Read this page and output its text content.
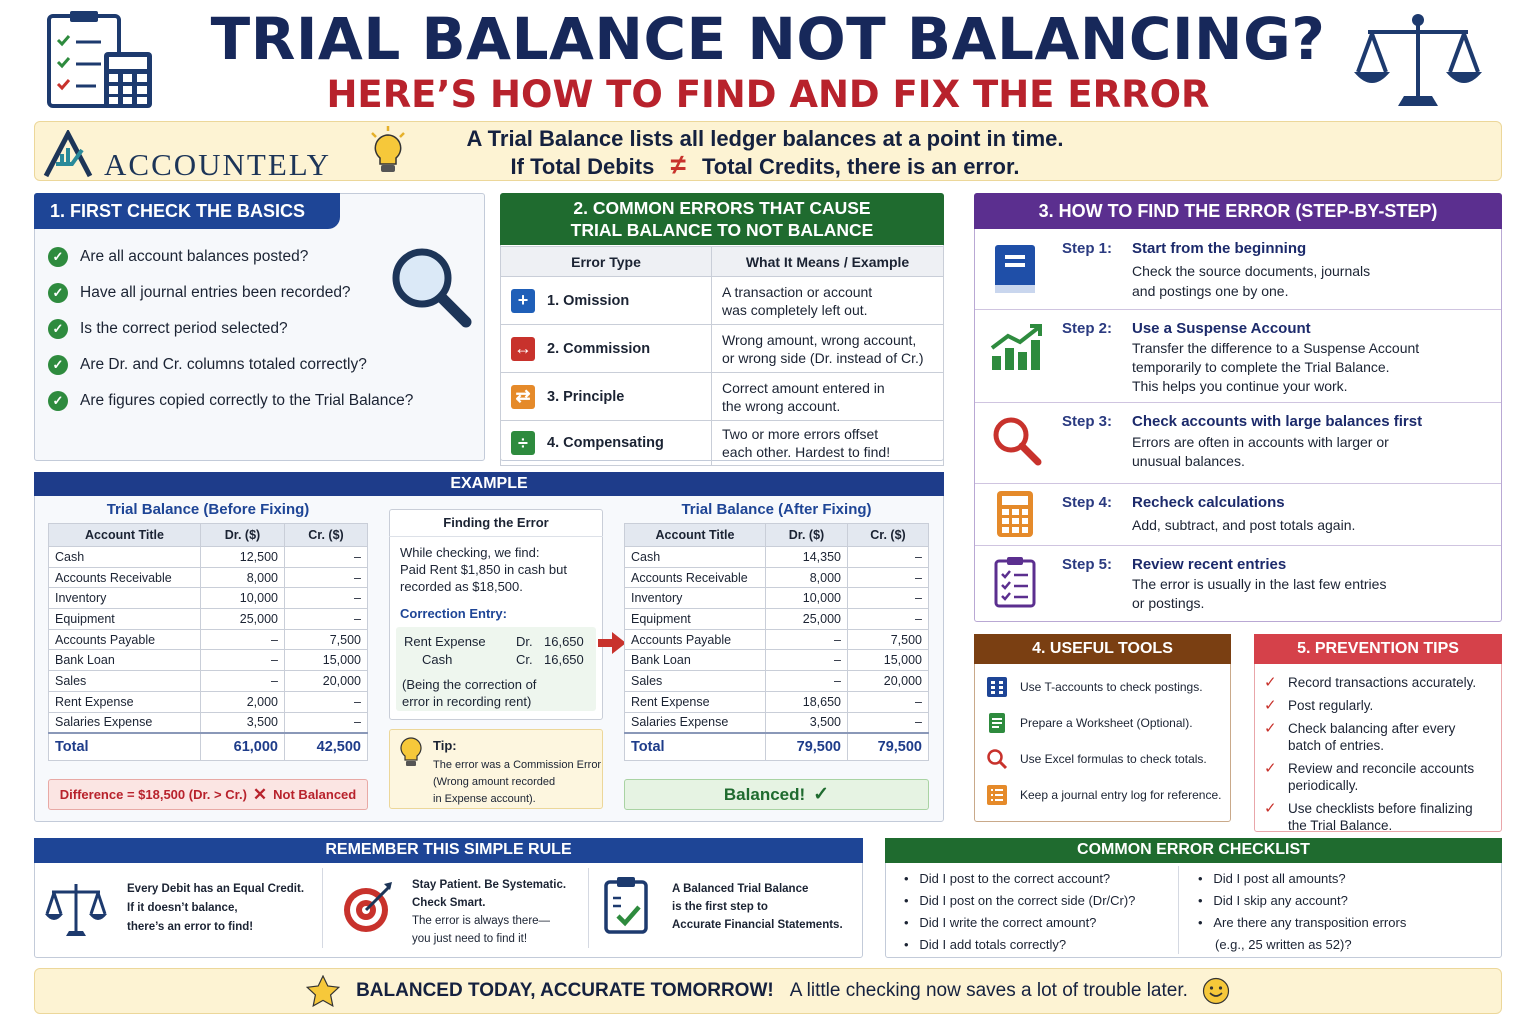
TRIAL BALANCE NOT BALANCING?
HERE’S HOW TO FIND AND FIX THE ERROR
ACCOUNTELY
A Trial Balance lists all ledger balances at a point in time.
If Total Debits ≠ Total Credits, there is an error.
1. FIRST CHECK THE BASICS
✓ Are all account balances posted?
✓ Have all journal entries been recorded?
✓ Is the correct period selected?
✓ Are Dr. and Cr. columns totaled correctly?
✓ Are figures copied correctly to the Trial Balance?
2. COMMON ERRORS THAT CAUSE
TRIAL BALANCE TO NOT BALANCE
Error Type	What It Means / Example
+ 1. Omission	A transaction or account
was completely left out.

↔ 2. Commission	Wrong amount, wrong account,
or wrong side (Dr. instead of Cr.)

⇄ 3. Principle	Correct amount entered in
the wrong account.

÷ 4. Compensating	Two or more errors offset
each other. Hardest to find!
3. HOW TO FIND THE ERROR (STEP-BY-STEP)
Step 1: Start from the beginning
Check the source documents, journals
and postings one by one.
Step 2: Use a Suspense Account
Transfer the difference to a Suspense Account
temporarily to complete the Trial Balance.
This helps you continue your work.
Step 3: Check accounts with large balances first
Errors are often in accounts with larger or
unusual balances.
Step 4: Recheck calculations
Add, subtract, and post totals again.
Step 5: Review recent entries
The error is usually in the last few entries
or postings.
EXAMPLE
Trial Balance (Before Fixing)
Account Title	Dr. ($)	Cr. ($)
Cash	12,500	–
Accounts Receivable	8,000	–
Inventory	10,000	–
Equipment	25,000	–
Accounts Payable	–	7,500
Bank Loan	–	15,000
Sales	–	20,000
Rent Expense	2,000	–
Salaries Expense	3,500	–
Total	61,000	42,500
Difference = $18,500 (Dr. > Cr.) ✕ Not Balanced
Finding the Error
While checking, we find:
Paid Rent $1,850 in cash but
recorded as $18,500.
Correction Entry:
Rent Expense Dr. 16,650
Cash	Cr. 16,650
(Being the correction of
error in recording rent)
Tip:
The error was a Commission Error
(Wrong amount recorded
in Expense account).
Trial Balance (After Fixing)
Account Title	Dr. ($)	Cr. ($)
Cash	14,350	–
Accounts Receivable	8,000	–
Inventory	10,000	–
Equipment	25,000	–
Accounts Payable	–	7,500
Bank Loan	–	15,000
Sales	–	20,000
Rent Expense	18,650	–
Salaries Expense	3,500	–
Total	79,500	79,500
Balanced! ✓
4. USEFUL TOOLS
Use T-accounts to check postings.
Prepare a Worksheet (Optional).
Use Excel formulas to check totals.
Keep a journal entry log for reference.
5. PREVENTION TIPS
✓ Record transactions accurately.
✓ Post regularly.
✓ Check balancing after every
batch of entries.
✓ Review and reconcile accounts
periodically.
✓ Use checklists before finalizing
the Trial Balance.
REMEMBER THIS SIMPLE RULE
Every Debit has an Equal Credit.
If it doesn’t balance,
there’s an error to find!
Stay Patient. Be Systematic.
Check Smart.
The error is always there—
you just need to find it!
A Balanced Trial Balance
is the first step to
Accurate Financial Statements.
COMMON ERROR CHECKLIST
•   Did I post to the correct account?
•   Did I post on the correct side (Dr/Cr)?
•   Did I write the correct amount?
•   Did I add totals correctly?
•   Did I post all amounts?
•   Did I skip any account?
•   Are there any transposition errors
(e.g., 25 written as 52)?
BALANCED TODAY, ACCURATE TOMORROW! A little checking now saves a lot of trouble later.
